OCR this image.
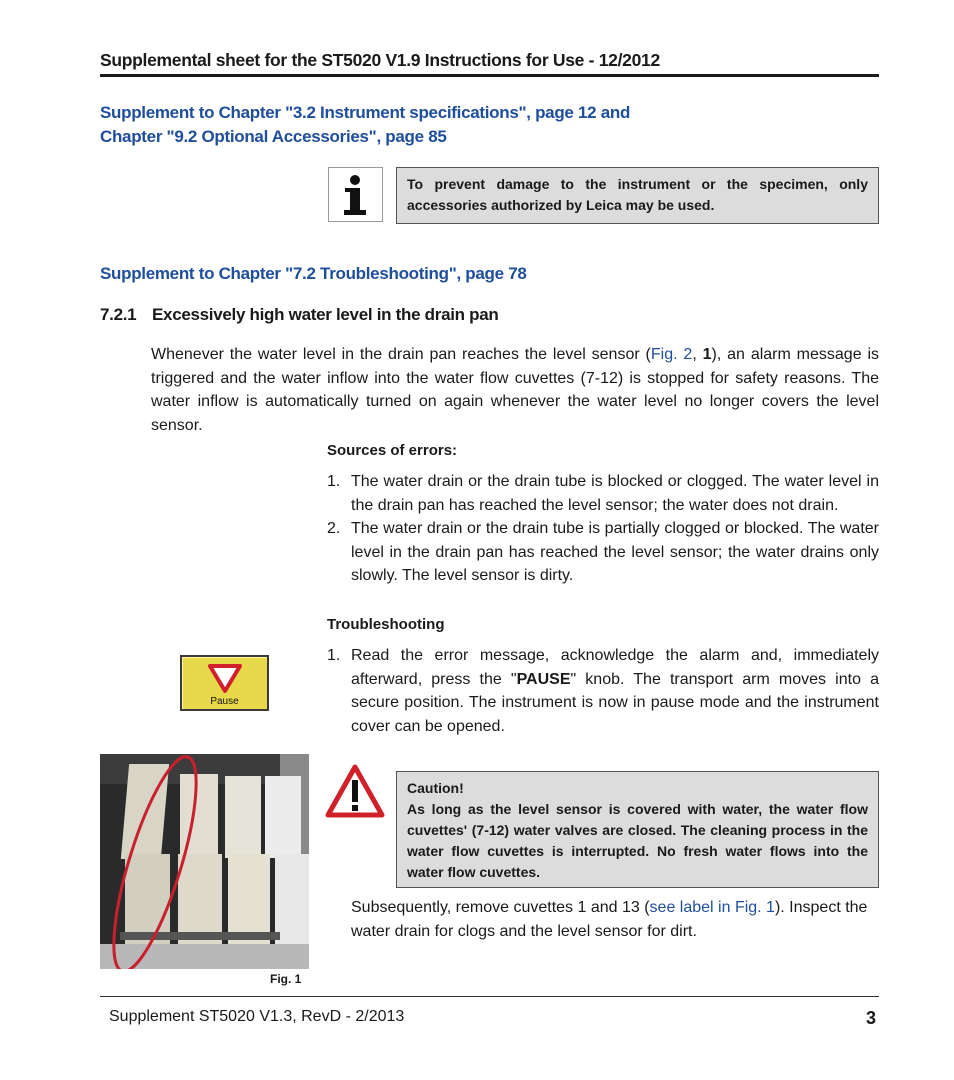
Supplemental sheet for the ST5020 V1.9 Instructions for Use - 12/2012
Supplement to Chapter "3.2 Instrument specifications", page 12 and
Chapter "9.2 Optional Accessories", page 85
To prevent damage to the instrument or the specimen, only accessories authorized by Leica may be used.
Supplement to Chapter "7.2 Troubleshooting", page 78
7.2.1 Excessively high water level in the drain pan
Whenever the water level in the drain pan reaches the level sensor (Fig. 2, 1), an alarm message is triggered and the water inflow into the water flow cuvettes (7-12) is stopped for safety reasons. The water inflow is automatically turned on again whenever the water level no longer covers the level sensor.
Sources of errors:
1. The water drain or the drain tube is blocked or clogged. The water level in the drain pan has reached the level sensor; the water does not drain.
2. The water drain or the drain tube is partially clogged or blocked. The water level in the drain pan has reached the level sensor; the water drains only slowly. The level sensor is dirty.
Troubleshooting
1. Read the error message, acknowledge the alarm and, immediately afterward, press the "PAUSE" knob. The transport arm moves into a secure position. The instrument is now in pause mode and the instrument cover can be opened.
Pause
Fig. 1
Caution!
As long as the level sensor is covered with water, the water flow cuvettes' (7-12) water valves are closed. The cleaning process in the water flow cuvettes is interrupted. No fresh water flows into the water flow cuvettes.
Subsequently, remove cuvettes 1 and 13 (see label in Fig. 1). Inspect the water drain for clogs and the level sensor for dirt.
Supplement ST5020 V1.3, RevD - 2/2013	3
